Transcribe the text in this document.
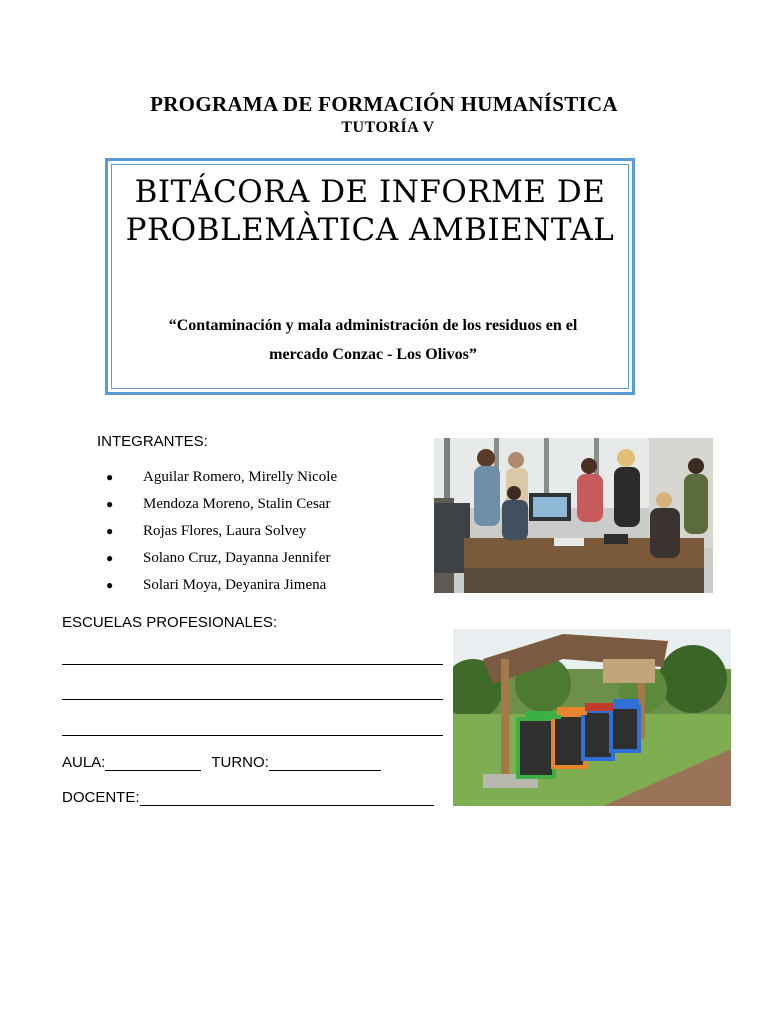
PROGRAMA DE FORMACIÓN HUMANÍSTICA
TUTORÍA V
BITÁCORA DE INFORME DE
PROBLEMÀTICA AMBIENTAL
“Contaminación y mala administración de los residuos en el
mercado Conzac - Los Olivos”
INTEGRANTES:
●	Aguilar Romero, Mirelly Nicole
●	Mendoza Moreno, Stalin Cesar
●	Rojas Flores, Laura Solvey
●	Solano Cruz, Dayanna Jennifer
●	Solari Moya, Deyanira Jimena
ESCUELAS PROFESIONALES:
AULA:	TURNO:
DOCENTE:
